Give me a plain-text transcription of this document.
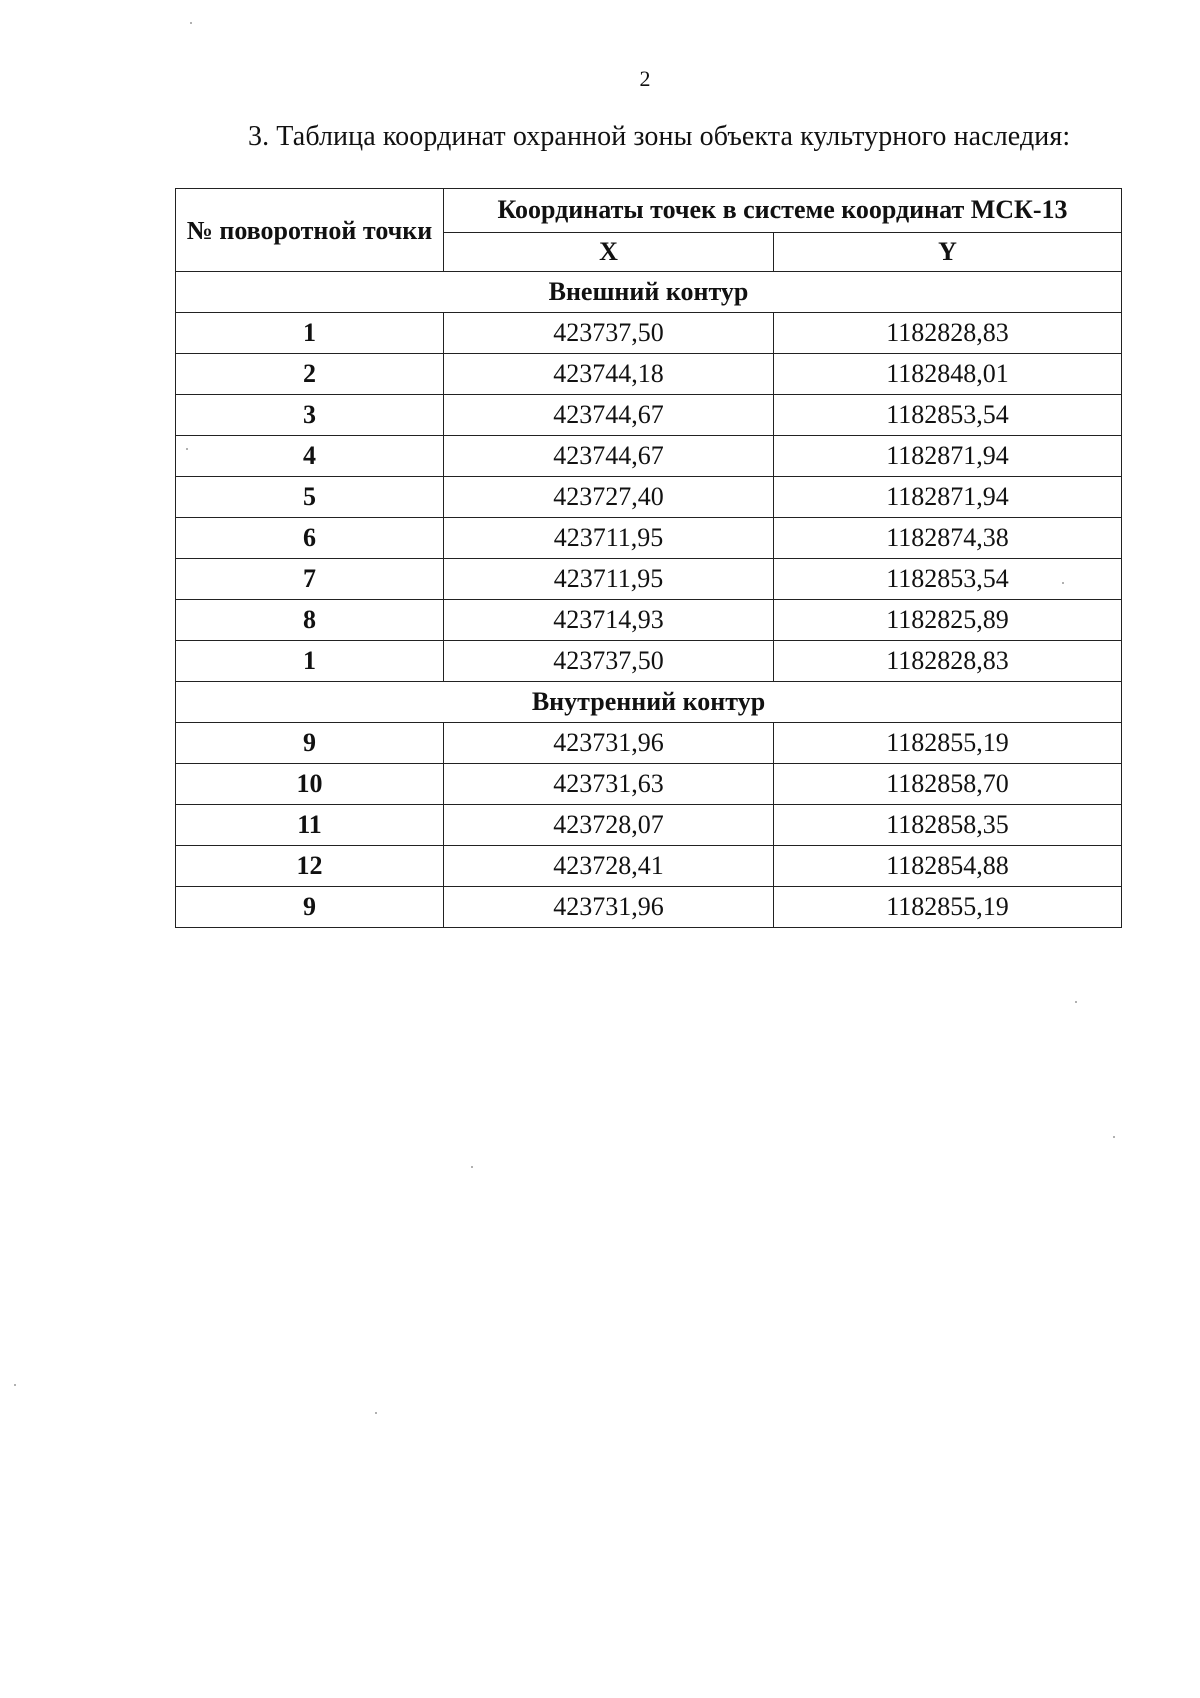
2
3. Таблица координат охранной зоны объекта культурного наследия:
№ поворотной точки	Координаты точек в системе координат МСК-13	
	X	Y
Внешний контур		
1	423737,50	1182828,83
2	423744,18	1182848,01
3	423744,67	1182853,54
4	423744,67	1182871,94
5	423727,40	1182871,94
6	423711,95	1182874,38
7	423711,95	1182853,54
8	423714,93	1182825,89
1	423737,50	1182828,83
Внутренний контур		
9	423731,96	1182855,19
10	423731,63	1182858,70
11	423728,07	1182858,35
12	423728,41	1182854,88
9	423731,96	1182855,19
